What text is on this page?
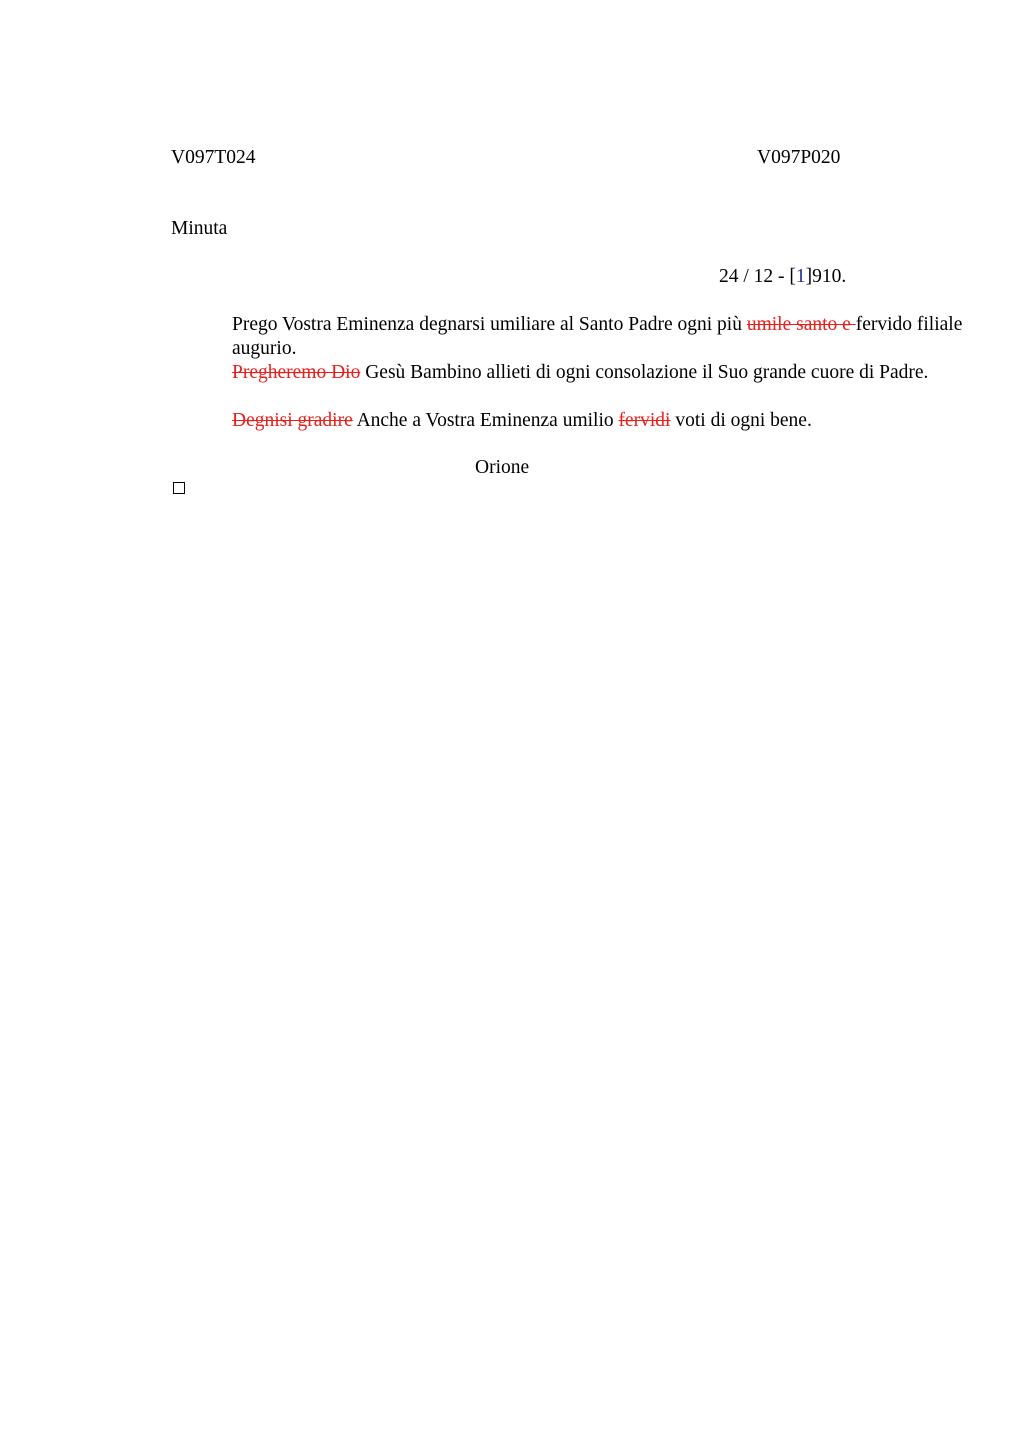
V097T024	V097P020
Minuta
24 / 12 - [1]910.
Prego Vostra Eminenza degnarsi umiliare al Santo Padre ogni più umile santo e fervido filiale augurio.
Pregheremo Dio Gesù Bambino allieti di ogni consolazione il Suo grande cuore di Padre.
Degnisi gradire Anche a Vostra Eminenza umilio fervidi voti di ogni bene.
Orione
